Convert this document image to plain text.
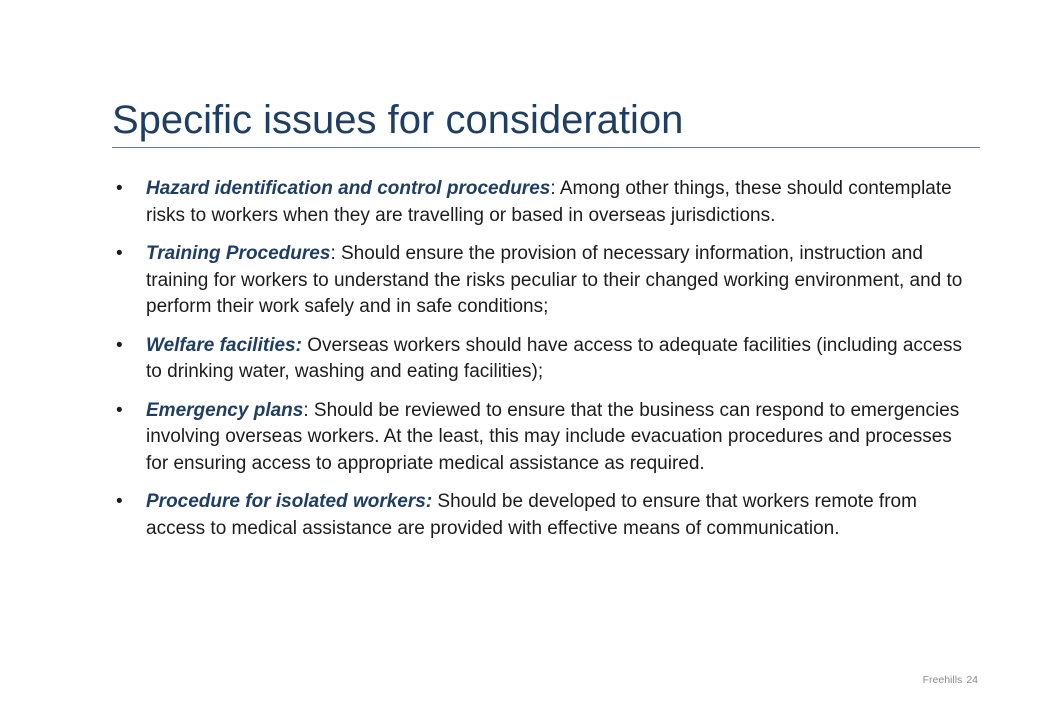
Specific issues for consideration
•	Hazard identification and control procedures: Among other things, these should contemplate risks to workers when they are travelling or based in overseas jurisdictions.
•	Training Procedures: Should ensure the provision of necessary information, instruction and training for workers to understand the risks peculiar to their changed working environment, and to perform their work safely and in safe conditions;
•	Welfare facilities: Overseas workers should have access to adequate facilities (including access to drinking water, washing and eating facilities);
•	Emergency plans: Should be reviewed to ensure that the business can respond to emergencies involving overseas workers. At the least, this may include evacuation procedures and processes for ensuring access to appropriate medical assistance as required.
•	Procedure for isolated workers: Should be developed to ensure that workers remote from access to medical assistance are provided with effective means of communication.
Freehills 24
